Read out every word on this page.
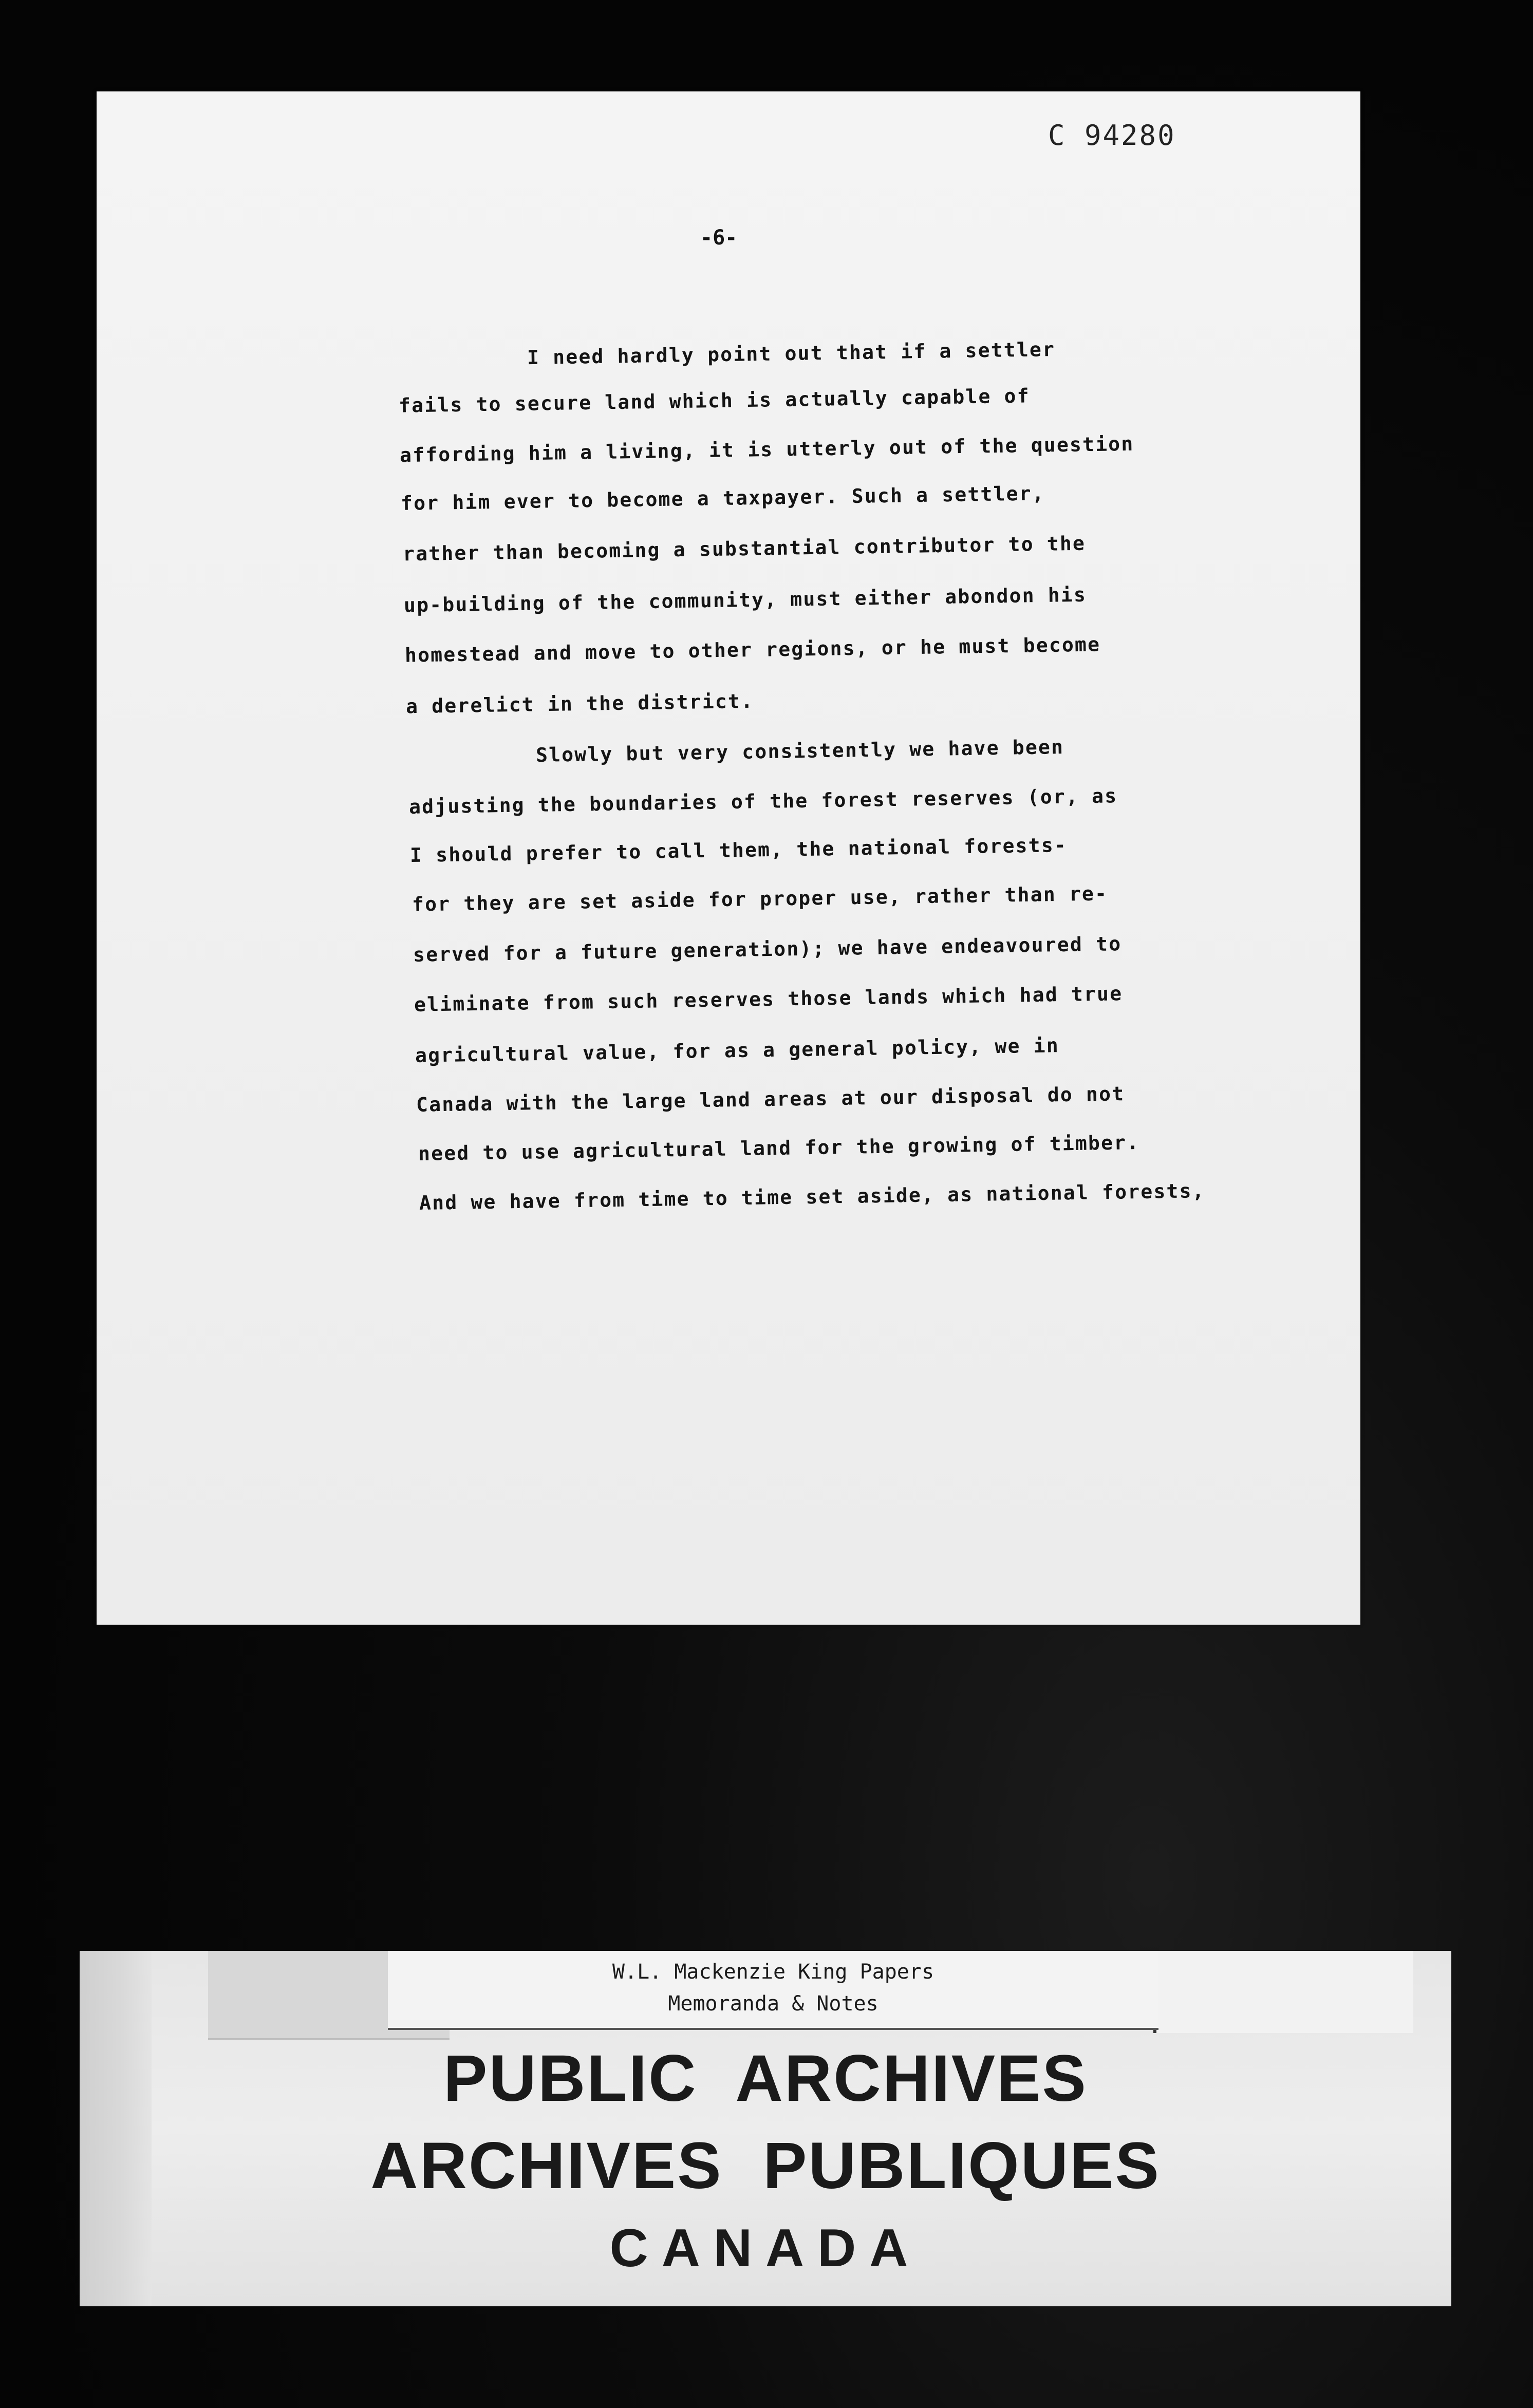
C 94280
-6-
I need hardly point out that if a settler
fails to secure land which is actually capable of
affording him a living, it is utterly out of the question
for him ever to become a taxpayer. Such a settler,
rather than becoming a substantial contributor to the
up-building of the community, must either abondon his
homestead and move to other regions, or he must become
a derelict in the district.
Slowly but very consistently we have been
adjusting the boundaries of the forest reserves (or, as
I should prefer to call them, the national forests-
for they are set aside for proper use, rather than re-
served for a future generation); we have endeavoured to
eliminate from such reserves those lands which had true
agricultural value, for as a general policy, we in
Canada with the large land areas at our disposal do not
need to use agricultural land for the growing of timber.
And we have from time to time set aside, as national forests,
W.L. Mackenzie King Papers
Memoranda & Notes
PUBLIC ARCHIVES
ARCHIVES PUBLIQUES
CANADA
